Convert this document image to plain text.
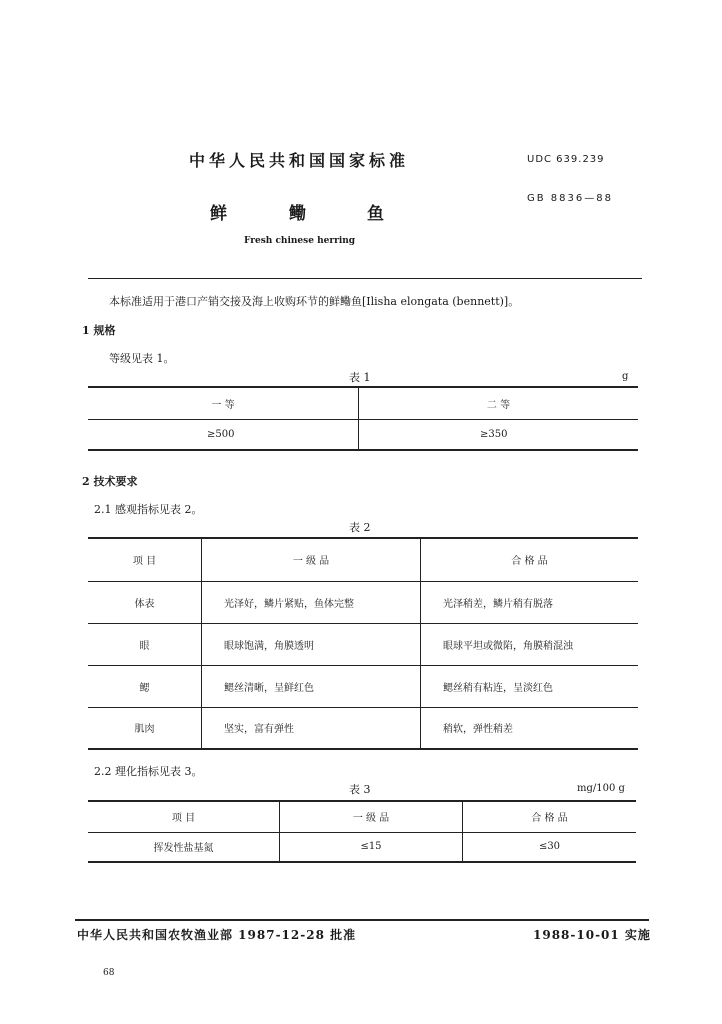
中华人民共和国国家标准	UDC 639.239
GB 8836—88
鲜	鳓	鱼
Fresh chinese herring
本标准适用于港口产销交接及海上收购环节的鲜鳓鱼[Ilisha elongata (bennett)]。
1 规格
等级见表 1。
表 1	g
一 等	二 等
≥500	≥350
2 技术要求
2.1 感观指标见表 2。
表 2
项 目	一 级 品	合 格 品
体表	光泽好，鳞片紧贴，鱼体完整	光泽稍差，鳞片稍有脱落
眼	眼球饱满，角膜透明	眼球平坦或微陷，角膜稍混浊
鳃	鳃丝清晰，呈鲜红色	鳃丝稍有粘连，呈淡红色
肌肉	坚实，富有弹性	稍软，弹性稍差
2.2 理化指标见表 3。
表 3	mg/100 g
项 目	一 级 品	合 格 品
挥发性盐基氮	≤15	≤30
中华人民共和国农牧渔业部 1987-12-28 批准	1988-10-01 实施
68
